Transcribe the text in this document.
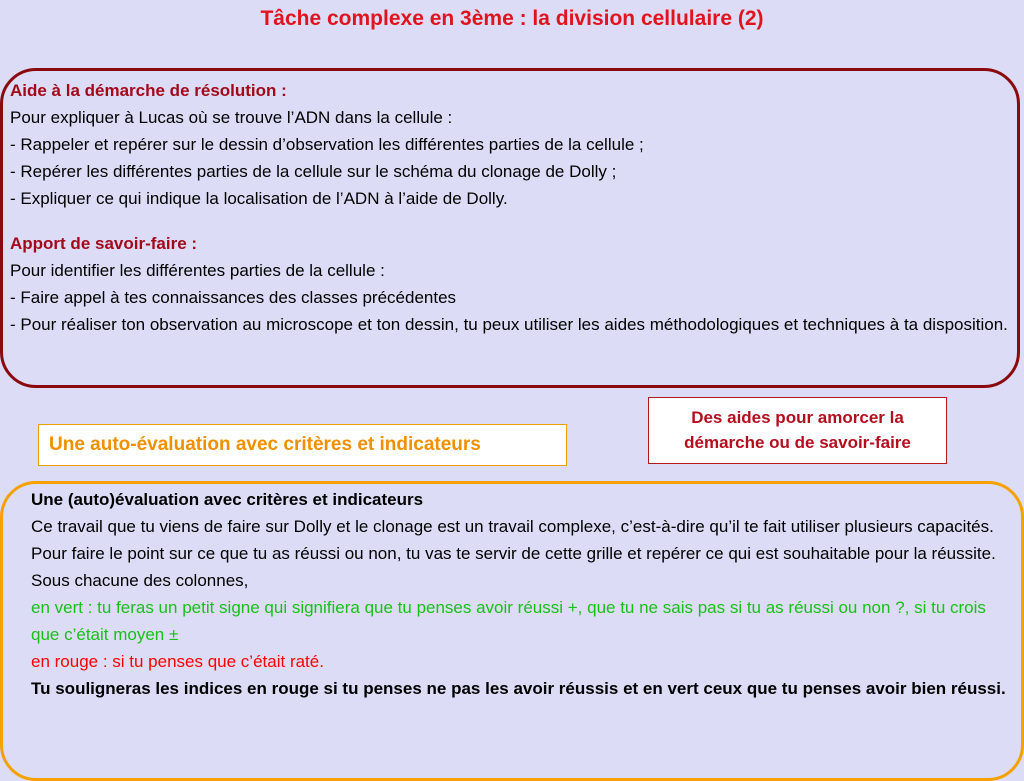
Tâche complexe en 3ème : la division cellulaire (2)
Aide à la démarche de résolution :
Pour expliquer à Lucas où se trouve l’ADN dans la cellule :
- Rappeler et repérer sur le dessin d’observation les différentes parties de la cellule ;
- Repérer les différentes parties de la cellule sur le schéma du clonage de Dolly ;
- Expliquer ce qui indique la localisation de l’ADN à l’aide de Dolly.
Apport de savoir-faire :
Pour identifier les différentes parties de la cellule :
- Faire appel à tes connaissances des classes précédentes
- Pour réaliser ton observation au microscope et ton dessin, tu peux utiliser les aides méthodologiques et techniques à ta disposition.
Des aides pour amorcer la démarche ou de savoir-faire
Une auto-évaluation avec critères et indicateurs
Une (auto)évaluation avec critères et indicateurs
Ce travail que tu viens de faire sur Dolly et le clonage est un travail complexe, c’est-à-dire qu’il te fait utiliser plusieurs capacités. Pour faire le point sur ce que tu as réussi ou non, tu vas te servir de cette grille et repérer ce qui est souhaitable pour la réussite.
Sous chacune des colonnes,
en vert : tu feras un petit signe qui signifiera que tu penses avoir réussi +, que tu ne sais pas si tu as réussi ou non ?, si tu crois que c’était moyen ±
en rouge : si tu penses que c’était raté.
Tu souligneras les indices en rouge si tu penses ne pas les avoir réussis et en vert ceux que tu penses avoir bien réussi.
